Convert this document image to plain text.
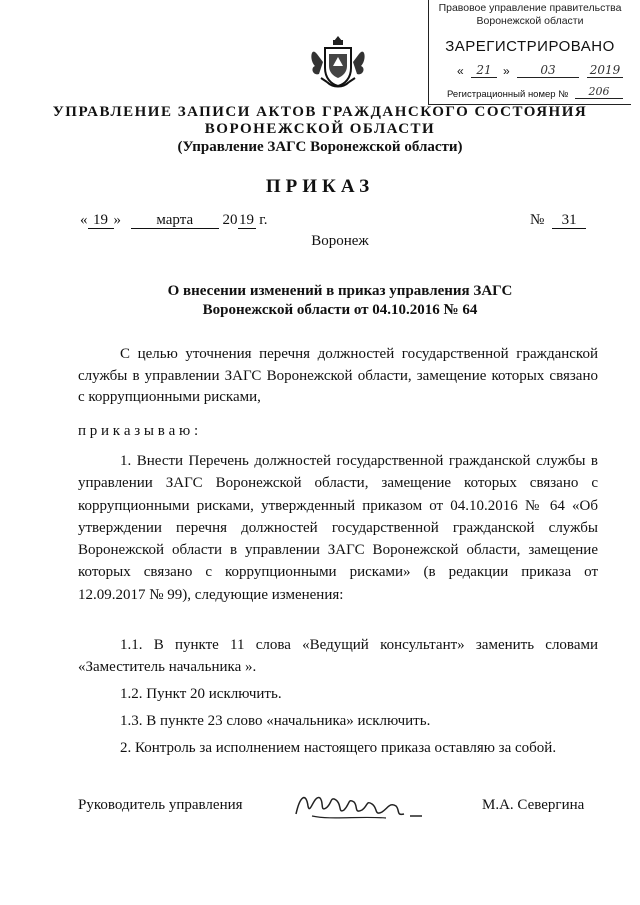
Правовое управление правительства
Воронежской области
ЗАРЕГИСТРИРОВАНО
«	21 »	03	2019
Регистрационный номер №	206
УПРАВЛЕНИЕ ЗАПИСИ АКТОВ ГРАЖДАНСКОГО СОСТОЯНИЯ
ВОРОНЕЖСКОЙ ОБЛАСТИ
(Управление ЗАГС Воронежской области)
ПРИКАЗ
« 19 » марта 20 19 г.	№ 31
Воронеж
О внесении изменений в приказ управления ЗАГС
Воронежской области от 04.10.2016 № 64
С целью уточнения перечня должностей государственной гражданской
службы в управлении ЗАГС Воронежской области, замещение которых связано
с коррупционными рисками,
п р и к а з ы в а ю :
1. Внести Перечень должностей государственной гражданской службы в
управлении ЗАГС Воронежской области, замещение которых связано с
коррупционными рисками, утвержденный приказом от 04.10.2016 № 64 «Об
утверждении перечня должностей государственной гражданской службы
Воронежской области в управлении ЗАГС Воронежской области, замещение
которых связано с коррупционными рисками» (в редакции приказа от
12.09.2017 № 99), следующие изменения:
1.1. В пункте 11 слова «Ведущий консультант» заменить словами
«Заместитель начальника ».
1.2. Пункт 20 исключить.
1.3. В пункте 23 слово «начальника» исключить.
2. Контроль за исполнением настоящего приказа оставляю за собой.
Руководитель управления	М.А. Севергина
